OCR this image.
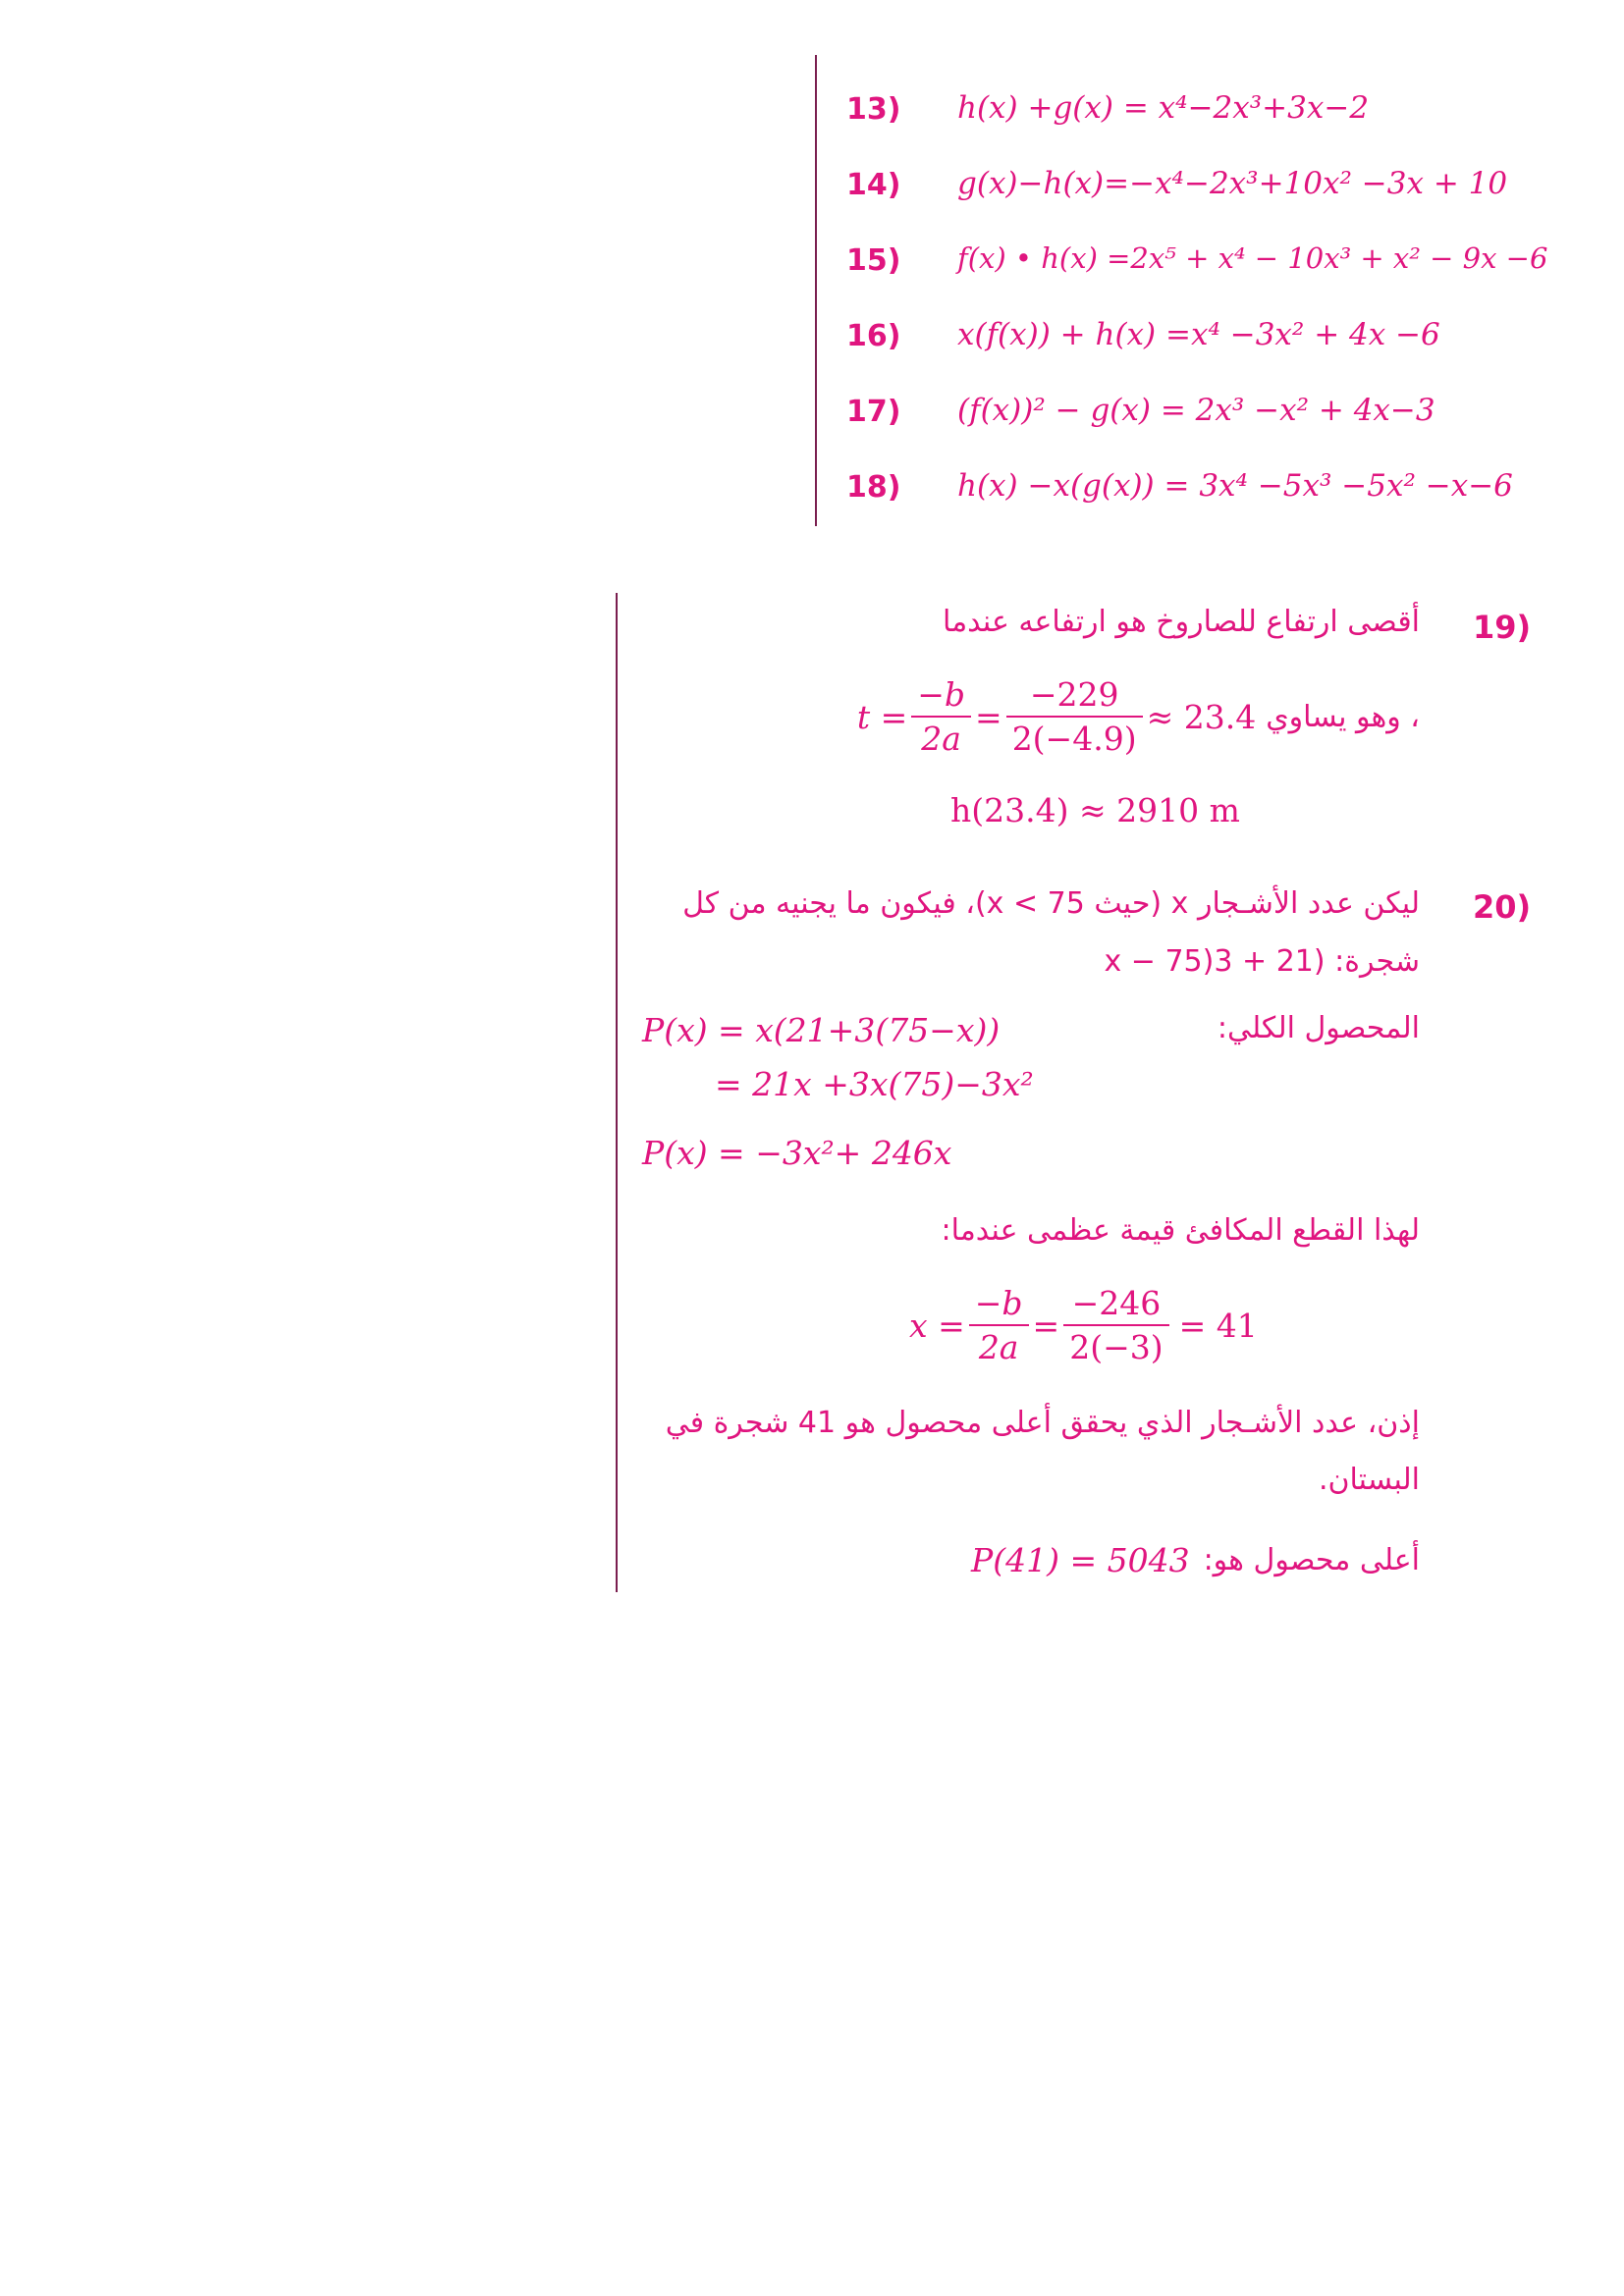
13) h(x) +g(x) = x⁴−2x³+3x−2
14) g(x)−h(x)=−x⁴−2x³+10x² −3x + 10
15) f(x) • h(x) =2x⁵ + x⁴ − 10x³ + x² − 9x −6
16) x(f(x)) + h(x) =x⁴ −3x² + 4x −6
17) (f(x))² − g(x) = 2x³ −x² + 4x−3
18) h(x) −x(g(x)) = 3x⁴ −5x³ −5x² −x−6
19)
أقصى ارتفاع للصاروخ هو ارتفاعه عندما
، وهو يساوي
$t = \frac{-b}{2a} = \frac{-229}{2(-4.9)} \approx 23.4$
h(23.4) ≈ 2910 m
20)
ليكن عدد الأشـجار x (حيث x < 75)، فيكون ما يجنيه من كل
شجرة: (21 + 3(75 − x
المحصول الكلي:
P(x) = x(21+3(75−x))
= 21x +3x(75)−3x²
P(x) = −3x²+ 246x
لهذا القطع المكافئ قيمة عظمى عندما:
$x = \frac{-b}{2a} = \frac{-246}{2(-3)} = 41$
إذن، عدد الأشـجار الذي يحقق أعلى محصول هو 41 شجرة في
البستان.
أعلى محصول هو:
P(41) = 5043
